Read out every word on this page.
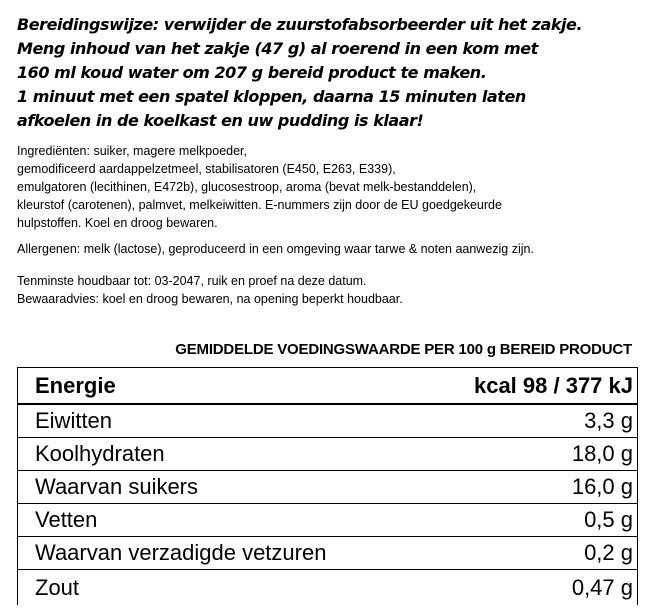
Bereidingswijze: verwijder de zuurstofabsorbeerder uit het zakje.
Meng inhoud van het zakje (47 g) al roerend in een kom met
160 ml koud water om 207 g bereid product te maken.
1 minuut met een spatel kloppen, daarna 15 minuten laten
afkoelen in de koelkast en uw pudding is klaar!
Ingrediënten: suiker, magere melkpoeder,
gemodificeerd aardappelzetmeel, stabilisatoren (E450, E263, E339),
emulgatoren (lecithinen, E472b), glucosestroop, aroma (bevat melk-bestanddelen),
kleurstof (carotenen), palmvet, melkeiwitten. E-nummers zijn door de EU goedgekeurde
hulpstoffen. Koel en droog bewaren.
Allergenen: melk (lactose), geproduceerd in een omgeving waar tarwe & noten aanwezig zijn.
Tenminste houdbaar tot: 03-2047, ruik en proef na deze datum.
Bewaaradvies: koel en droog bewaren, na opening beperkt houdbaar.
GEMIDDELDE VOEDINGSWAARDE PER 100 g BEREID PRODUCT
Energie	kcal 98 / 377 kJ
Eiwitten	3,3 g
Koolhydraten	18,0 g
Waarvan suikers	16,0 g
Vetten	0,5 g
Waarvan verzadigde vetzuren	0,2 g
Zout	0,47 g
